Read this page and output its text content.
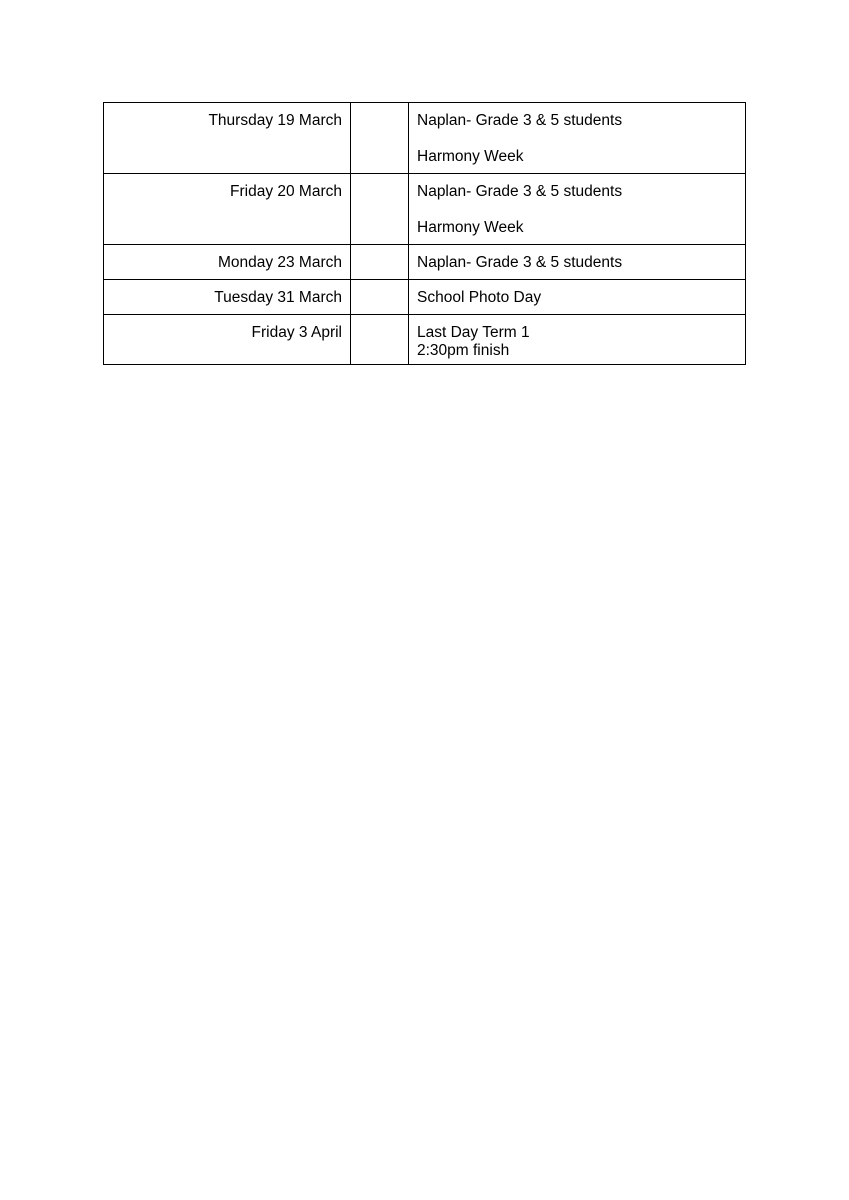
Thursday 19 March		Naplan- Grade 3 & 5 students
Harmony Week

Friday 20 March		Naplan- Grade 3 & 5 students
Harmony Week

Monday 23 March		Naplan- Grade 3 & 5 students

Tuesday 31 March		School Photo Day

Friday 3 April		Last Day Term 1
2:30pm finish
